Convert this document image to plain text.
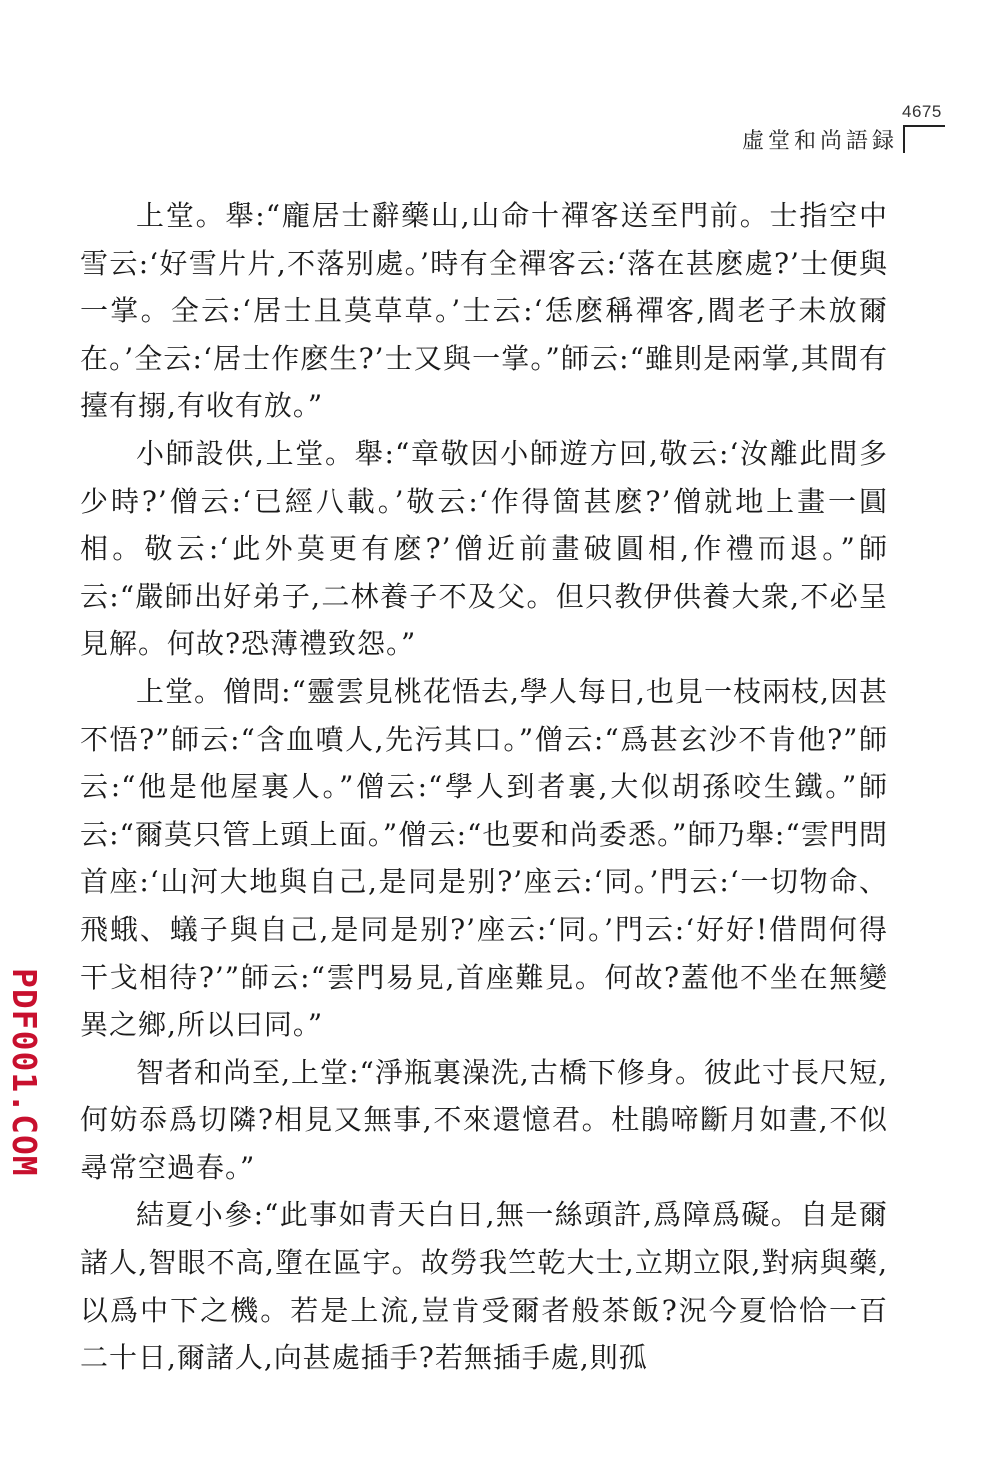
4675
虛堂和尚語録

上堂。舉:“龐居士辭藥山,山命十禪客送至門前。士指空中雪云:‘好雪片片,不落别處。’時有全禪客云:‘落在甚麽處?’士便與一掌。全云:‘居士且莫草草。’士云:‘恁麽稱禪客,閻老子未放爾在。’全云:‘居士作麽生?’士又與一掌。”師云:“雖則是兩掌,其間有擡有搦,有收有放。”

小師設供,上堂。舉:“章敬因小師遊方回,敬云:‘汝離此間多少時?’僧云:‘已經八載。’敬云:‘作得箇甚麽?’僧就地上畫一圓相。敬云:‘此外莫更有麽?’僧近前畫破圓相,作禮而退。”師云:“嚴師出好弟子,二林養子不及父。但只教伊供養大衆,不必呈見解。何故?恐薄禮致怨。”

上堂。僧問:“靈雲見桃花悟去,學人每日,也見一枝兩枝,因甚不悟?”師云:“含血噴人,先污其口。”僧云:“爲甚玄沙不肯他?”師云:“他是他屋裏人。”僧云:“學人到者裏,大似胡孫咬生鐵。”師云:“爾莫只管上頭上面。”僧云:“也要和尚委悉。”師乃舉:“雲門問首座:‘山河大地與自己,是同是别?’座云:‘同。’門云:‘一切物命、飛蛾、蟻子與自己,是同是别?’座云:‘同。’門云:‘好好!借問何得干戈相待?’”師云:“雲門易見,首座難見。何故?蓋他不坐在無變異之鄉,所以曰同。”

智者和尚至,上堂:“淨瓶裏澡洗,古橋下修身。彼此寸長尺短,何妨忝爲切隣?相見又無事,不來還憶君。杜鵑啼斷月如晝,不似尋常空過春。”

結夏小參:“此事如青天白日,無一絲頭許,爲障爲礙。自是爾諸人,智眼不高,墮在區宇。故勞我竺乾大士,立期立限,對病與藥,以爲中下之機。若是上流,豈肯受爾者般茶飯?況今夏恰恰一百二十日,爾諸人,向甚處插手?若無插手處,則孤

PDF001.COM
